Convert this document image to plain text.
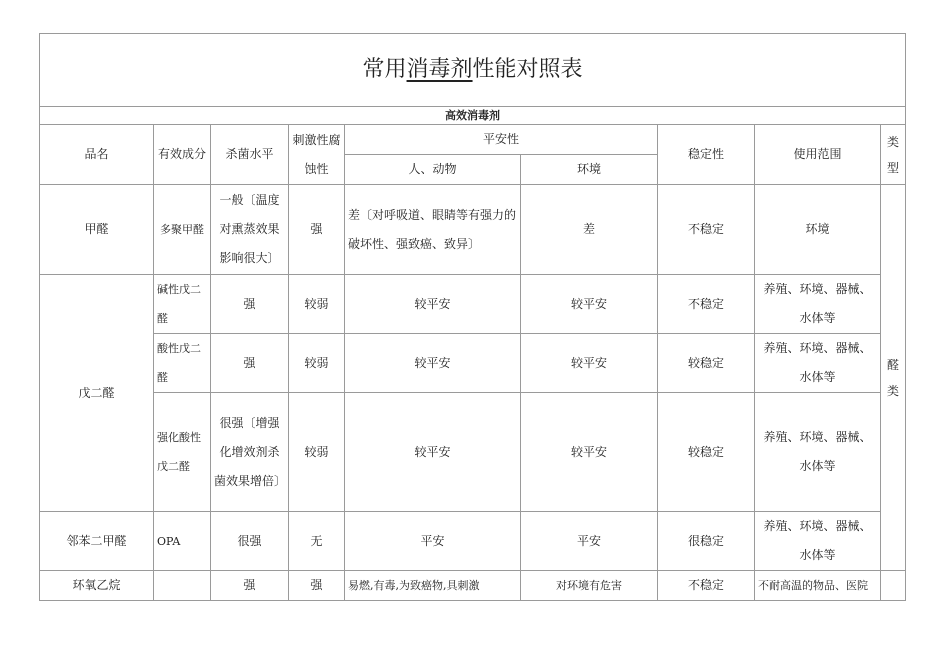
常用消毒剂性能对照表								
高效消毒剂								
品名	有效成分	杀菌水平	刺激性腐蚀性	平安性		稳定性	使用范围	类型
				人、动物	环境			
甲醛	多聚甲醛	一般〔温度对熏蒸效果影响很大〕	强	差〔对呼吸道、眼睛等有强力的破坏性、强致癌、致异〕	差	不稳定	环境	醛类
戊二醛	碱性戊二醛	强	较弱	较平安	较平安	不稳定	养殖、环境、器械、水体等	
	酸性戊二醛	强	较弱	较平安	较平安	较稳定	养殖、环境、器械、水体等	
	强化酸性戊二醛	很强〔增强化增效剂杀菌效果增倍〕	较弱	较平安	较平安	较稳定	养殖、环境、器械、水体等	
邻苯二甲醛	OPA	很强	无	平安	平安	很稳定	养殖、环境、器械、水体等	
环氧乙烷		强	强	易燃,有毒,为致癌物,具刺激	对环境有危害	不稳定	不耐高温的物品、医院	
